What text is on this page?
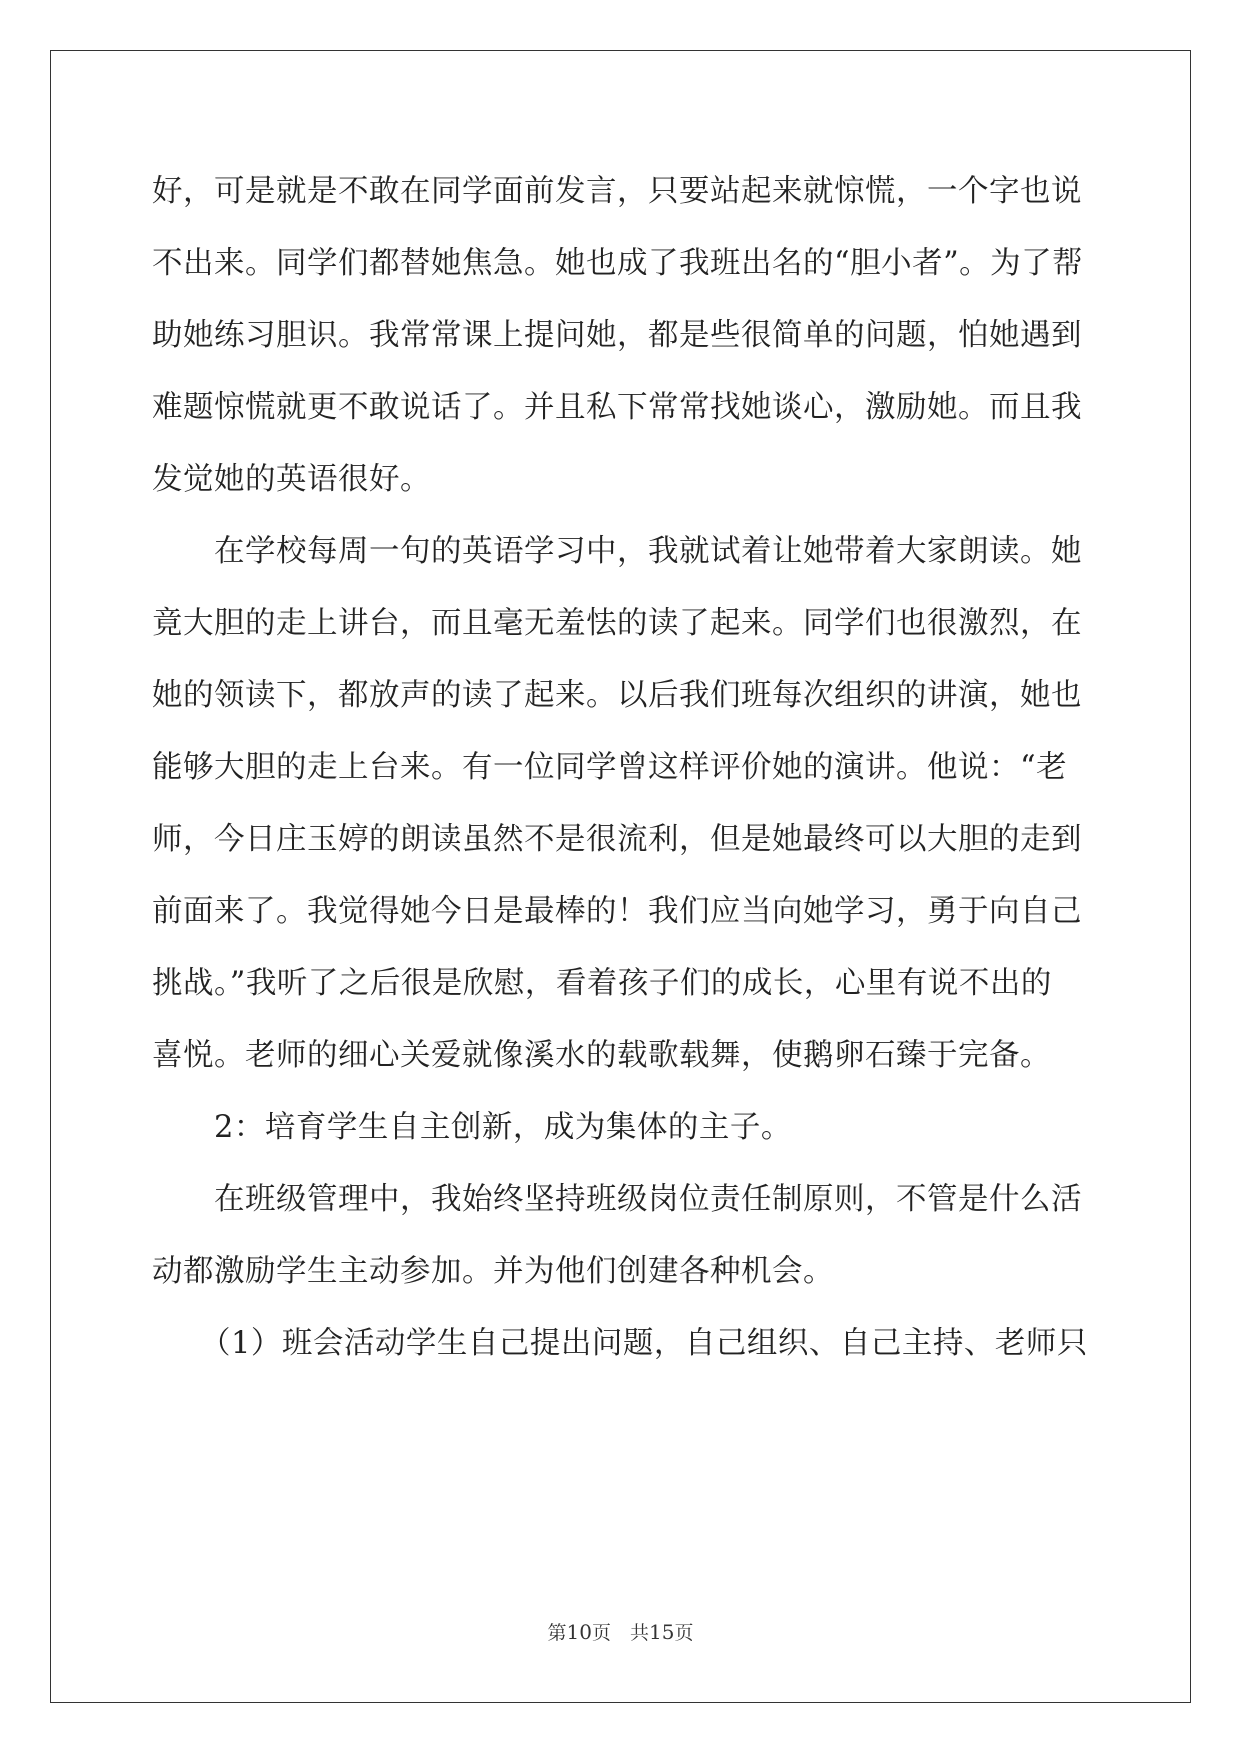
好，可是就是不敢在同学面前发言，只要站起来就惊慌，一个字也说
不出来。同学们都替她焦急。她也成了我班出名的“胆小者”。为了帮
助她练习胆识。我常常课上提问她，都是些很简单的问题，怕她遇到
难题惊慌就更不敢说话了。并且私下常常找她谈心，激励她。而且我
发觉她的英语很好。
在学校每周一句的英语学习中，我就试着让她带着大家朗读。她
竟大胆的走上讲台，而且毫无羞怯的读了起来。同学们也很激烈，在
她的领读下，都放声的读了起来。以后我们班每次组织的讲演，她也
能够大胆的走上台来。有一位同学曾这样评价她的演讲。他说：“老
师，今日庄玉婷的朗读虽然不是很流利，但是她最终可以大胆的走到
前面来了。我觉得她今日是最棒的！我们应当向她学习，勇于向自己
挑战。”我听了之后很是欣慰，看着孩子们的成长，心里有说不出的
喜悦。老师的细心关爱就像溪水的载歌载舞，使鹅卵石臻于完备。
2：培育学生自主创新，成为集体的主子。
在班级管理中，我始终坚持班级岗位责任制原则，不管是什么活
动都激励学生主动参加。并为他们创建各种机会。
（1）班会活动学生自己提出问题，自己组织、自己主持、老师只
第10页　共15页
